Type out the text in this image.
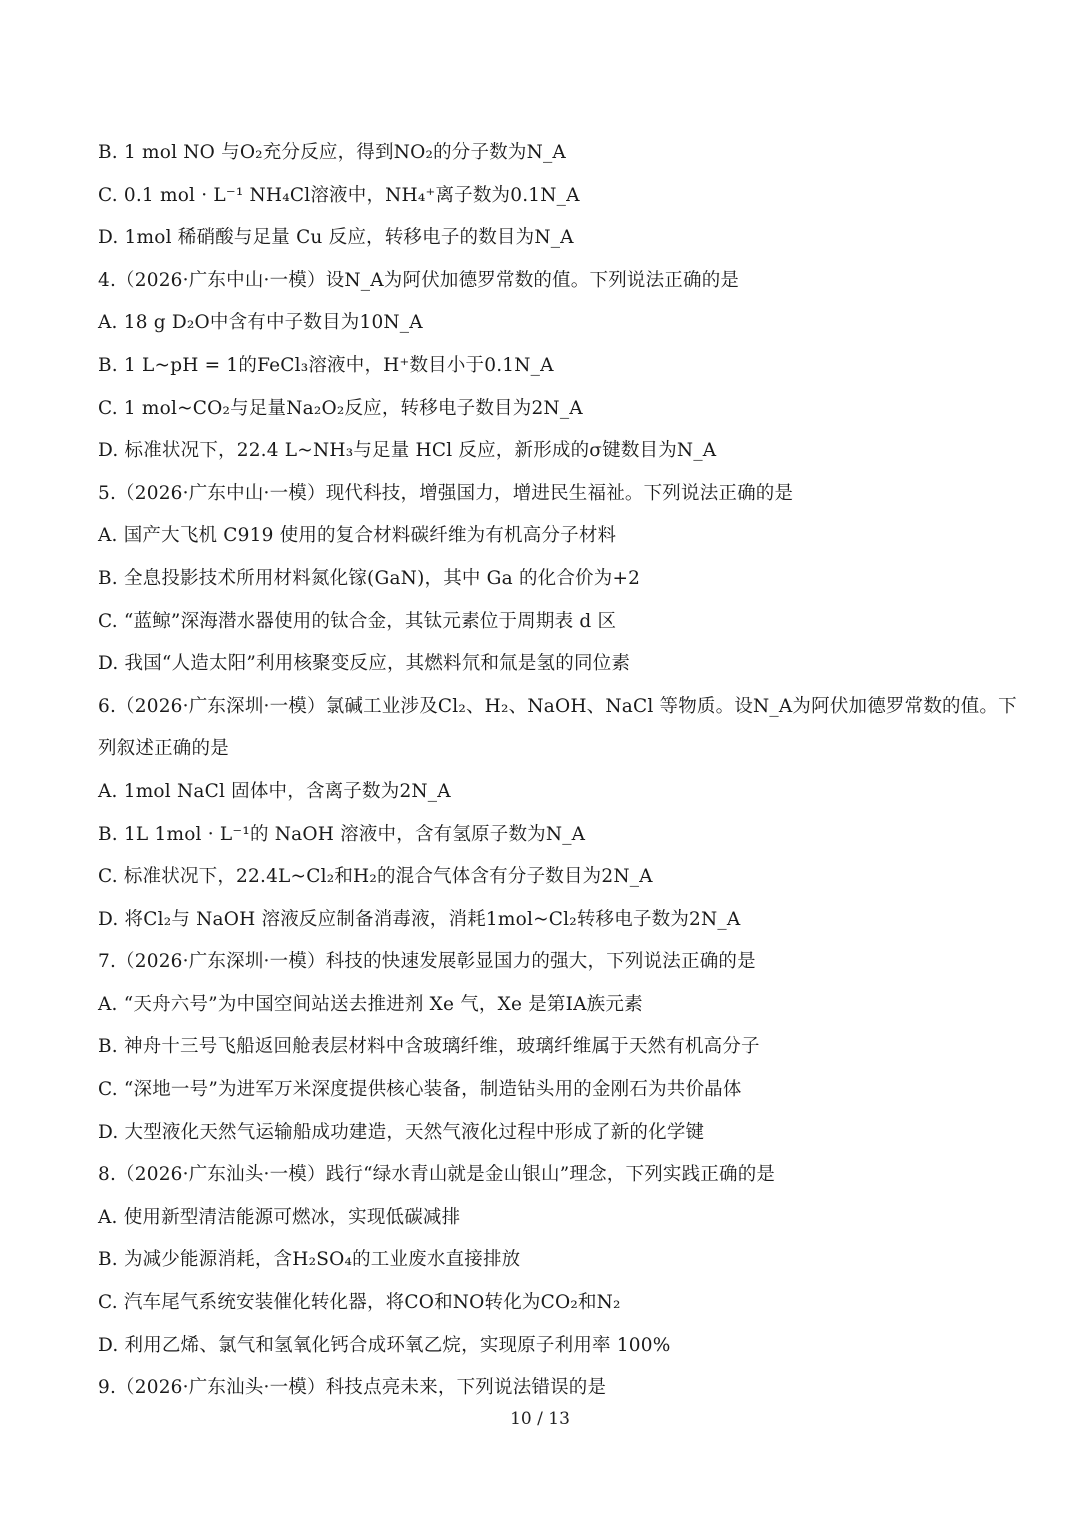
B. 1 mol NO 与O₂充分反应，得到NO₂的分子数为N_A
C. 0.1 mol · L⁻¹ NH₄Cl溶液中，NH₄⁺离子数为0.1N_A
D. 1mol 稀硝酸与足量 Cu 反应，转移电子的数目为N_A
4.（2026·广东中山·一模）设N_A为阿伏加德罗常数的值。下列说法正确的是
A. 18 g D₂O中含有中子数目为10N_A
B. 1 L~pH = 1的FeCl₃溶液中，H⁺数目小于0.1N_A
C. 1 mol~CO₂与足量Na₂O₂反应，转移电子数目为2N_A
D. 标准状况下，22.4 L~NH₃与足量 HCl 反应，新形成的σ键数目为N_A
5.（2026·广东中山·一模）现代科技，增强国力，增进民生福祉。下列说法正确的是
A. 国产大飞机 C919 使用的复合材料碳纤维为有机高分子材料
B. 全息投影技术所用材料氮化镓(GaN)，其中 Ga 的化合价为+2
C. “蓝鲸”深海潜水器使用的钛合金，其钛元素位于周期表 d 区
D. 我国“人造太阳”利用核聚变反应，其燃料氘和氚是氢的同位素
6.（2026·广东深圳·一模）氯碱工业涉及Cl₂、H₂、NaOH、NaCl 等物质。设N_A为阿伏加德罗常数的值。下
列叙述正确的是
A. 1mol NaCl 固体中，含离子数为2N_A
B. 1L 1mol · L⁻¹的 NaOH 溶液中，含有氢原子数为N_A
C. 标准状况下，22.4L~Cl₂和H₂的混合气体含有分子数目为2N_A
D. 将Cl₂与 NaOH 溶液反应制备消毒液，消耗1mol~Cl₂转移电子数为2N_A
7.（2026·广东深圳·一模）科技的快速发展彰显国力的强大，下列说法正确的是
A. “天舟六号”为中国空间站送去推进剂 Xe 气，Xe 是第IA族元素
B. 神舟十三号飞船返回舱表层材料中含玻璃纤维，玻璃纤维属于天然有机高分子
C. “深地一号”为进军万米深度提供核心装备，制造钻头用的金刚石为共价晶体
D. 大型液化天然气运输船成功建造，天然气液化过程中形成了新的化学键
8.（2026·广东汕头·一模）践行“绿水青山就是金山银山”理念，下列实践正确的是
A. 使用新型清洁能源可燃冰，实现低碳减排
B. 为减少能源消耗，含H₂SO₄的工业废水直接排放
C. 汽车尾气系统安装催化转化器，将CO和NO转化为CO₂和N₂
D. 利用乙烯、氯气和氢氧化钙合成环氧乙烷，实现原子利用率 100%
9.（2026·广东汕头·一模）科技点亮未来，下列说法错误的是
10 / 13
